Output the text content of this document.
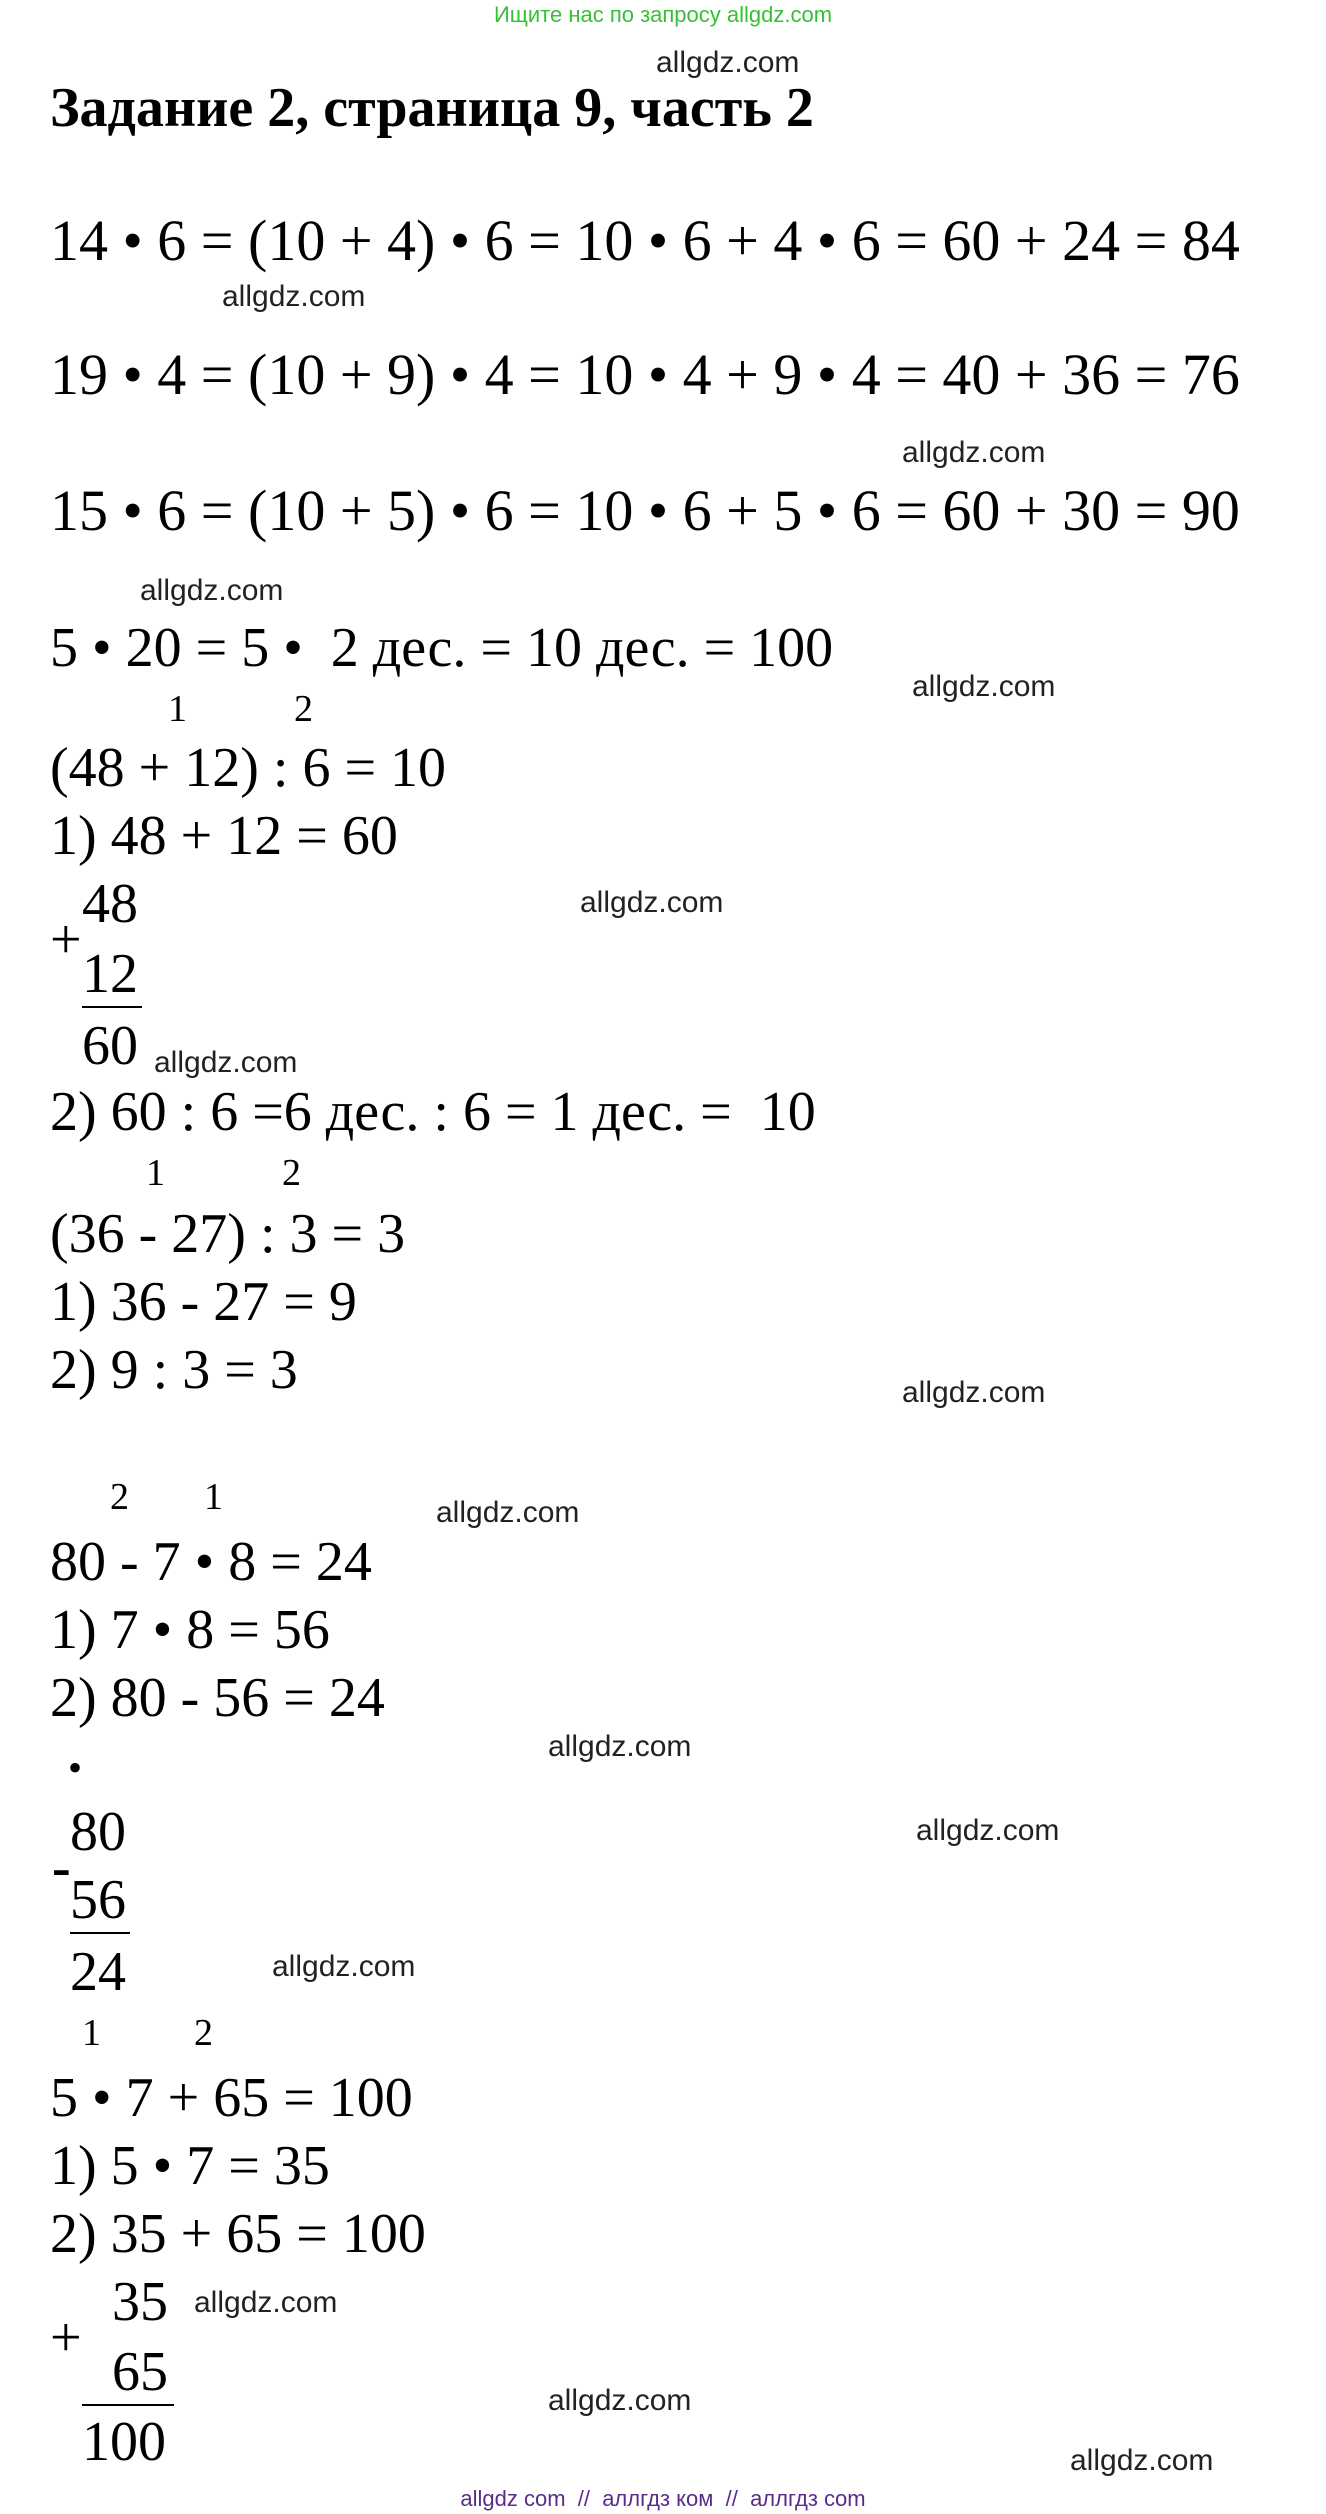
Ищите нас по запросу allgdz.com
allgdz.com
Задание 2, страница 9, часть 2
14 • 6 = (10 + 4) • 6 = 10 • 6 + 4 • 6 = 60 + 24 = 84
allgdz.com
19 • 4 = (10 + 9) • 4 = 10 • 4 + 9 • 4 = 40 + 36 = 76
allgdz.com
15 • 6 = (10 + 5) • 6 = 10 • 6 + 5 • 6 = 60 + 30 = 90
allgdz.com
5 • 20 = 5 •  2 дес. = 10 дес. = 100
allgdz.com
1	2
(48 + 12) : 6 = 10
1) 48 + 12 = 60
allgdz.com
48
+
12
60 allgdz.com
2) 60 : 6 =6 дес. : 6 = 1 дес. =  10
1	2
(36 - 27) : 3 = 3
1) 36 - 27 = 9
2) 9 : 3 = 3	allgdz.com
2 1	allgdz.com
80 - 7 • 8 = 24
1) 7 • 8 = 56
2) 80 - 56 = 24
allgdz.com
•
80	allgdz.com
-
56
24	allgdz.com
1 2
5 • 7 + 65 = 100
1) 5 • 7 = 35
2) 35 + 65 = 100
35 allgdz.com
+
65
100
allgdz.com
allgdz.com
allgdz com  //  аллгдз ком  //  аллгдз com
